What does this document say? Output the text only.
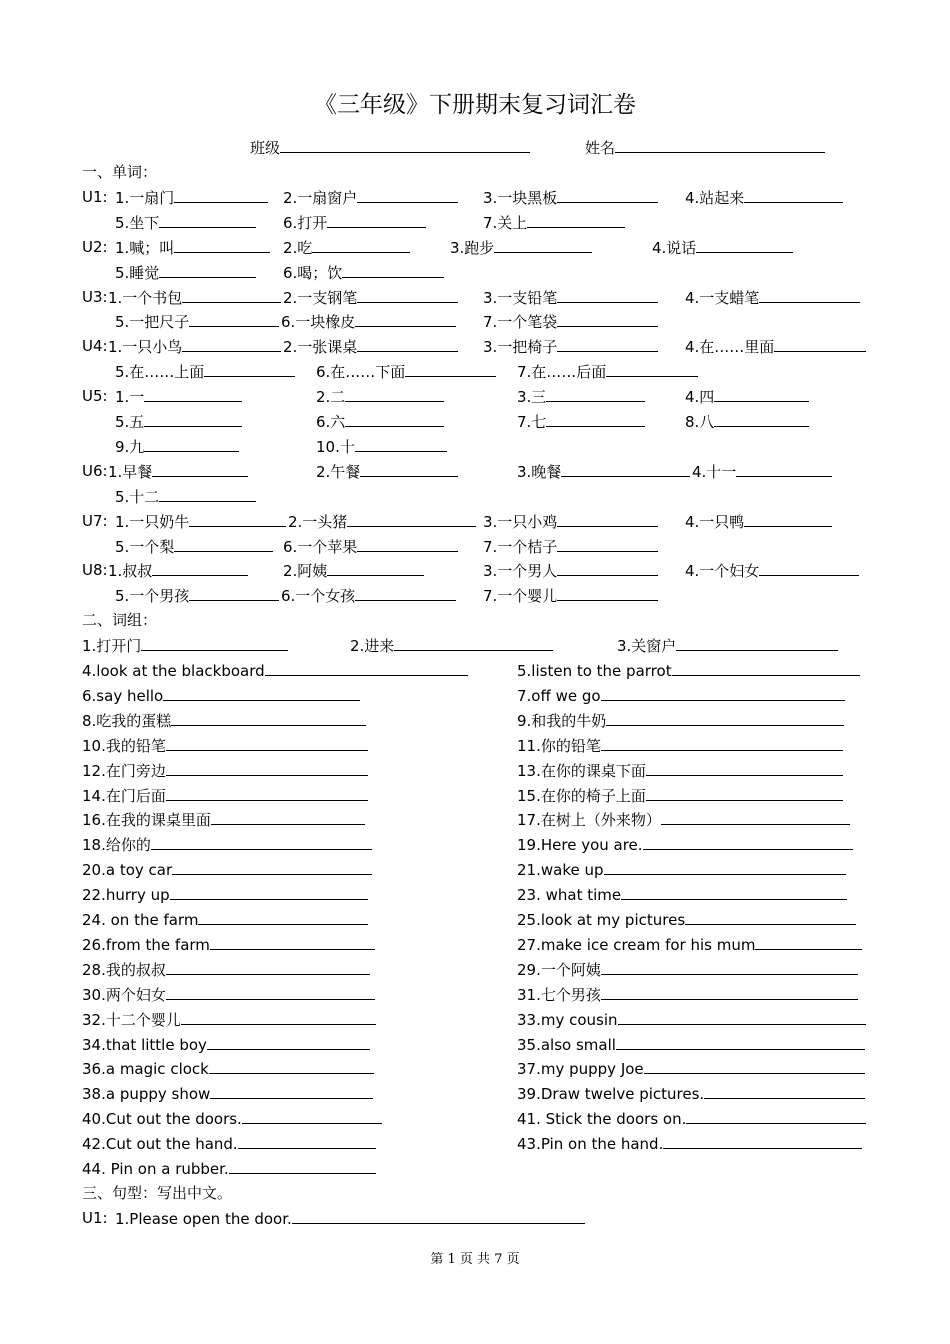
《三年级》下册期末复习词汇卷
班级	姓名
一、单词：
U1: 1.一扇门	2.一扇窗户	3.一块黑板	4.站起来
5.坐下	6.打开	7.关上
U2: 1.喊；叫	2.吃	3.跑步	4.说话
5.睡觉	6.喝；饮
U3: 1.一个书包	2.一支钢笔	3.一支铅笔	4.一支蜡笔
5.一把尺子	6.一块橡皮	7.一个笔袋
U4: 1.一只小鸟	2.一张课桌	3.一把椅子	4.在……里面
5.在……上面	6.在……下面	7.在……后面
U5: 1.一	2.二	3.三	4.四
5.五	6.六	7.七	8.八
9.九	10.十
U6: 1.早餐	2.午餐	3.晚餐	4.十一
5.十二
U7: 1.一只奶牛	2.一头猪	3.一只小鸡	4.一只鸭
5.一个梨	6.一个苹果	7.一个桔子
U8: 1.叔叔	2.阿姨	3.一个男人	4.一个妇女
5.一个男孩	6.一个女孩	7.一个婴儿
二、词组：
1.打开门	2.进来	3.关窗户
4.look at the blackboard	5.listen to the parrot
6.say hello	7.off we go
8.吃我的蛋糕	9.和我的牛奶
10.我的铅笔	11.你的铅笔
12.在门旁边	13.在你的课桌下面
14.在门后面	15.在你的椅子上面
16.在我的课桌里面	17.在树上（外来物）
18.给你的	19.Here you are.
20.a toy car	21.wake up
22.hurry up	23. what time
24. on the farm	25.look at my pictures
26.from the farm	27.make ice cream for his mum
28.我的叔叔	29.一个阿姨
30.两个妇女	31.七个男孩
32.十二个婴儿	33.my cousin
34.that little boy	35.also small
36.a magic clock	37.my puppy Joe
38.a puppy show	39.Draw twelve pictures.
40.Cut out the doors.	41. Stick the doors on.
42.Cut out the hand.	43.Pin on the hand.
44. Pin on a rubber.
三、句型：写出中文。
U1: 1.Please open the door.
第 1 页 共 7 页
